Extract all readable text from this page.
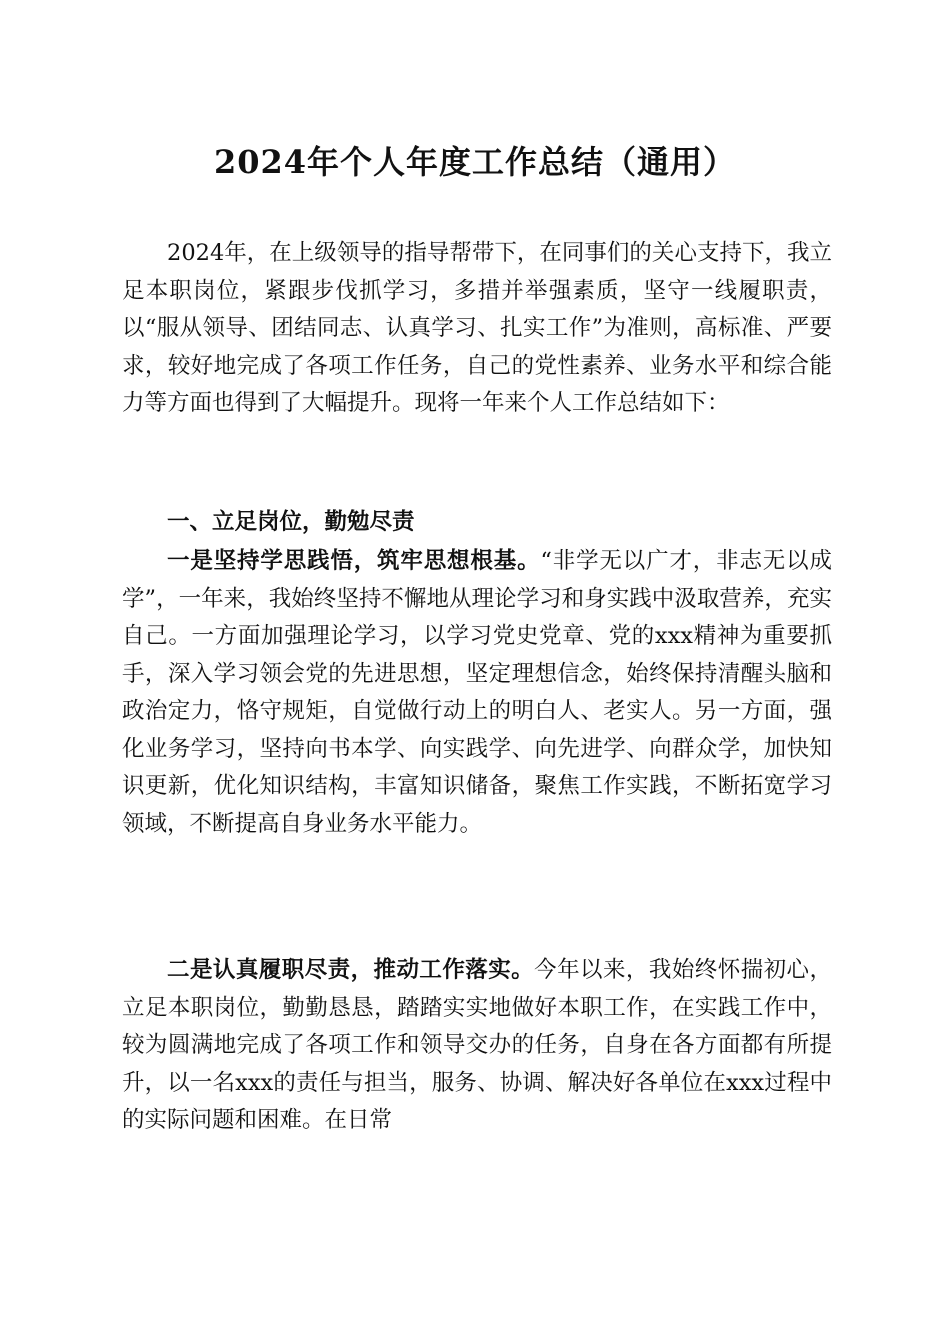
2024年个人年度工作总结（通用）

2024年，在上级领导的指导帮带下，在同事们的关心支持下，我立足本职岗位，紧跟步伐抓学习，多措并举强素质，坚守一线履职责，以“服从领导、团结同志、认真学习、扎实工作”为准则，高标准、严要求，较好地完成了各项工作任务，自己的党性素养、业务水平和综合能力等方面也得到了大幅提升。现将一年来个人工作总结如下：

一、立足岗位，勤勉尽责

一是坚持学思践悟，筑牢思想根基。“非学无以广才，非志无以成学”，一年来，我始终坚持不懈地从理论学习和身实践中汲取营养，充实自己。一方面加强理论学习，以学习党史党章、党的xxx精神为重要抓手，深入学习领会党的先进思想，坚定理想信念，始终保持清醒头脑和政治定力，恪守规矩，自觉做行动上的明白人、老实人。另一方面，强化业务学习，坚持向书本学、向实践学、向先进学、向群众学，加快知识更新，优化知识结构，丰富知识储备，聚焦工作实践，不断拓宽学习领域，不断提高自身业务水平能力。

二是认真履职尽责，推动工作落实。今年以来，我始终怀揣初心，立足本职岗位，勤勤恳恳，踏踏实实地做好本职工作，在实践工作中，较为圆满地完成了各项工作和领导交办的任务，自身在各方面都有所提升，以一名xxx的责任与担当，服务、协调、解决好各单位在xxx过程中的实际问题和困难。在日常
